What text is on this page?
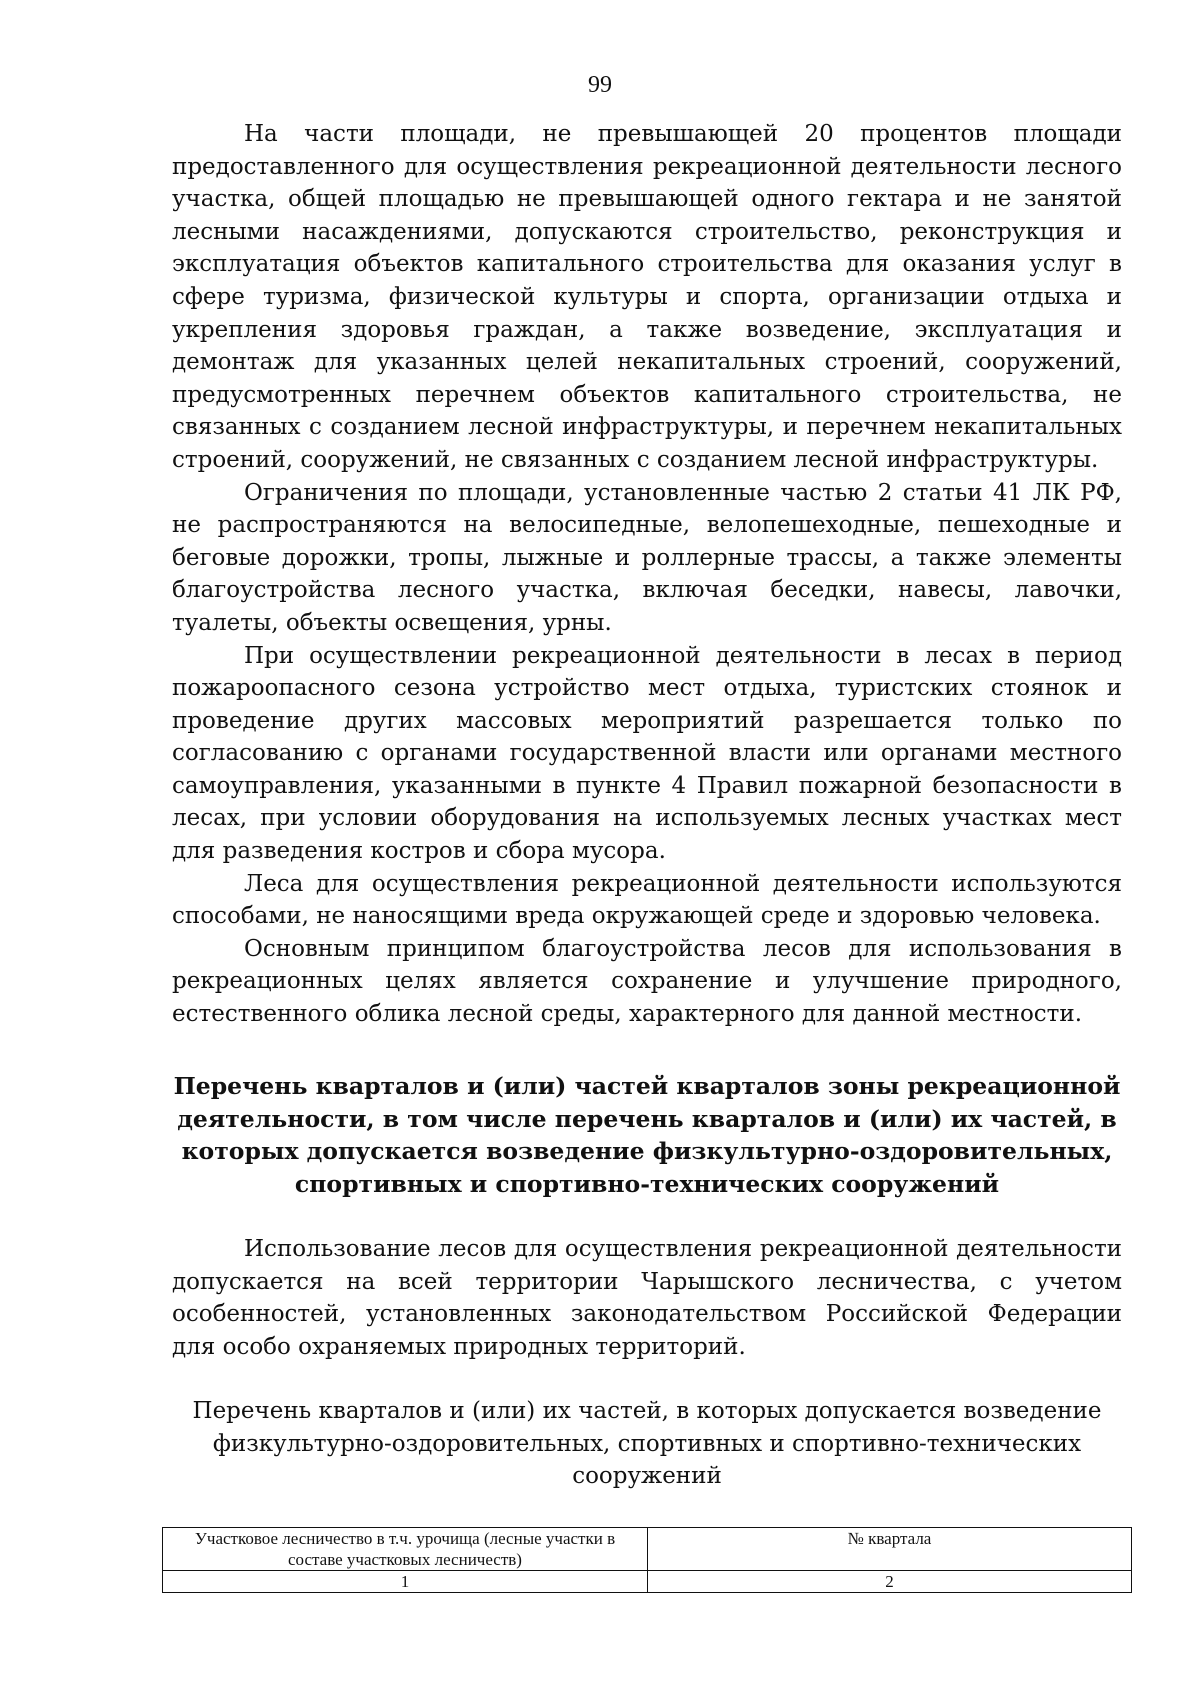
99

На части площади, не превышающей 20 процентов площади предоставленного для осуществления рекреационной деятельности лесного участка, общей площадью не превышающей одного гектара и не занятой лесными насаждениями, допускаются строительство, реконструкция и эксплуатация объектов капитального строительства для оказания услуг в сфере туризма, физической культуры и спорта, организации отдыха и укрепления здоровья граждан, а также возведение, эксплуатация и демонтаж для указанных целей некапитальных строений, сооружений, предусмотренных перечнем объектов капитального строительства, не связанных с созданием лесной инфраструктуры, и перечнем некапитальных строений, сооружений, не связанных с созданием лесной инфраструктуры.

Ограничения по площади, установленные частью 2 статьи 41 ЛК РФ, не распространяются на велосипедные, велопешеходные, пешеходные и беговые дорожки, тропы, лыжные и роллерные трассы, а также элементы благоустройства лесного участка, включая беседки, навесы, лавочки, туалеты, объекты освещения, урны.

При осуществлении рекреационной деятельности в лесах в период пожароопасного сезона устройство мест отдыха, туристских стоянок и проведение других массовых мероприятий разрешается только по согласованию с органами государственной власти или органами местного самоуправления, указанными в пункте 4 Правил пожарной безопасности в лесах, при условии оборудования на используемых лесных участках мест для разведения костров и сбора мусора.

Леса для осуществления рекреационной деятельности используются способами, не наносящими вреда окружающей среде и здоровью человека.

Основным принципом благоустройства лесов для использования в рекреационных целях является сохранение и улучшение природного, естественного облика лесной среды, характерного для данной местности.

Перечень кварталов и (или) частей кварталов зоны рекреационной деятельности, в том числе перечень кварталов и (или) их частей, в которых допускается возведение физкультурно-оздоровительных, спортивных и спортивно-технических сооружений

Использование лесов для осуществления рекреационной деятельности допускается на всей территории Чарышского лесничества, с учетом особенностей, установленных законодательством Российской Федерации для особо охраняемых природных территорий.

Перечень кварталов и (или) их частей, в которых допускается возведение физкультурно-оздоровительных, спортивных и спортивно-технических сооружений
Участковое лесничество в т.ч. урочища (лесные участки в составе участковых лесничеств)	№ квартала
1	2
